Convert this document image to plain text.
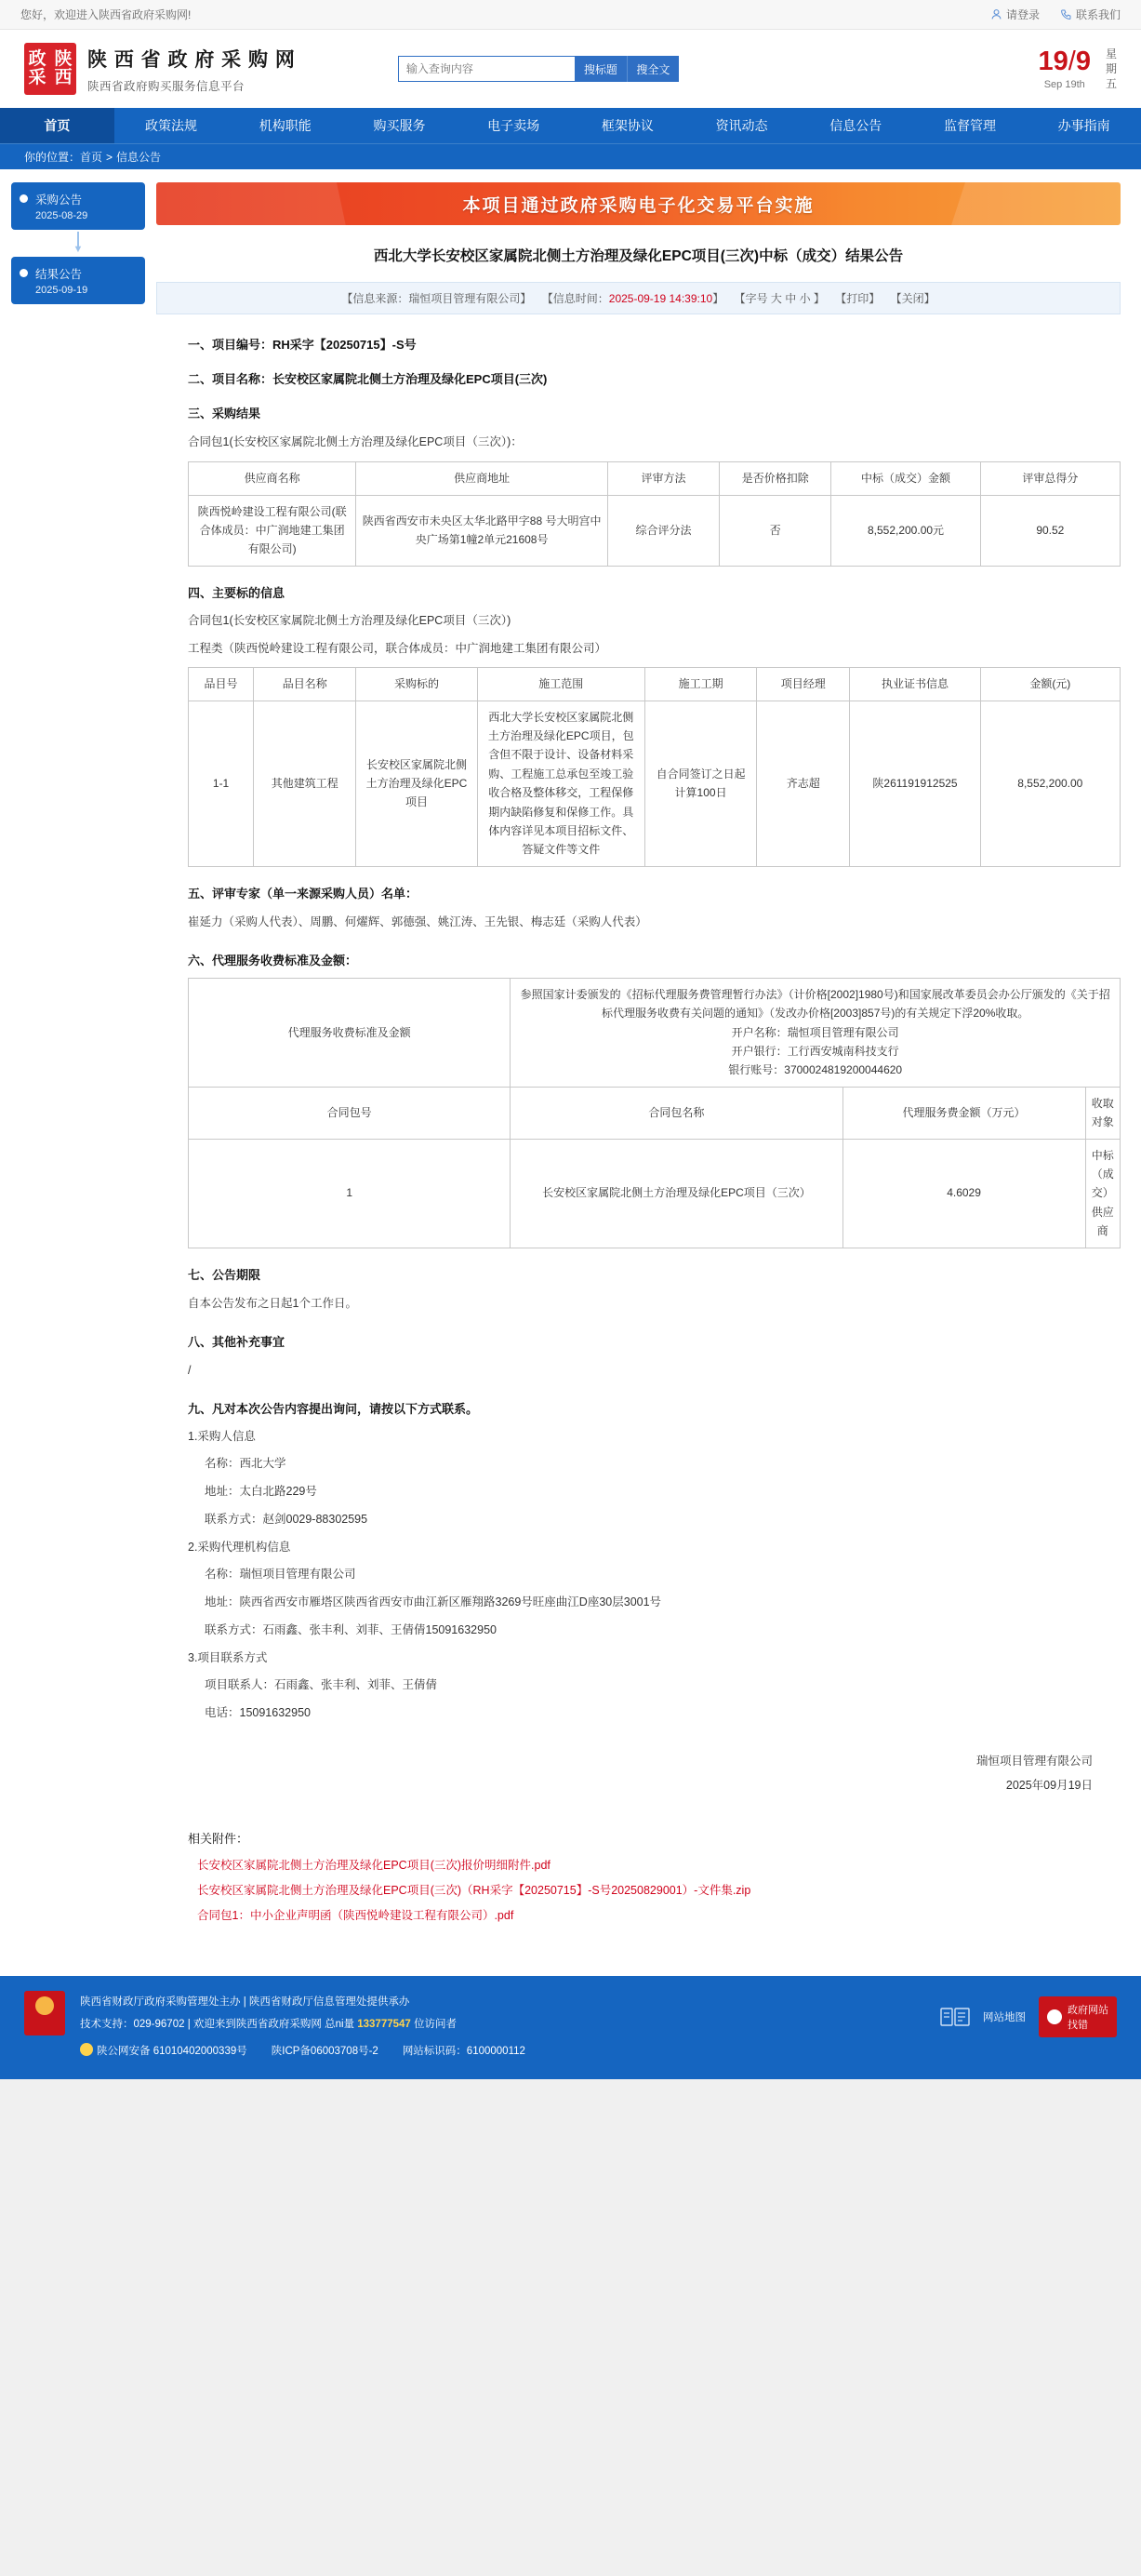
您好，欢迎进入陕西省政府采购网!	请登录	联系我们
政 陕
采 西
陕 西 省 政 府 采 购 网
陕西省政府购买服务信息平台
输入查询内容
搜标题	搜全文	19/9
Sep 19th
星
期
五
首页	政策法规	机构职能	购买服务	电子卖场	框架协议	资讯动态	信息公告	监督管理	办事指南
你的位置： 首页 > 信息公告
采购公告
2025-08-29
▼
结果公告
2025-09-19
本项目通过政府采购电子化交易平台实施
西北大学长安校区家属院北侧土方治理及绿化EPC项目(三次)中标（成交）结果公告
【信息来源：瑞恒项目管理有限公司】 【信息时间：2025-09-19 14:39:10】 【字号 大 中 小 】 【打印】 【关闭】
一、项目编号：RH采字【20250715】-S号
二、项目名称：长安校区家属院北侧土方治理及绿化EPC项目(三次)
三、采购结果
合同包1(长安校区家属院北侧土方治理及绿化EPC项目（三次）)：
供应商名称	供应商地址	评审方法	是否价格扣除	中标（成交）金额	评审总得分
陕西悦岭建设工程有限公司(联合体成员：中广润地建工集团有限公司)	陕西省西安市未央区太华北路甲字88 号大明宫中央广场第1幢2单元21608号	综合评分法	否	8,552,200.00元	90.52
四、主要标的信息
合同包1(长安校区家属院北侧土方治理及绿化EPC项目（三次）)
工程类（陕西悦岭建设工程有限公司，联合体成员：中广润地建工集团有限公司）
品目号	品目名称	采购标的	施工范围	施工工期	项目经理	执业证书信息	金额(元)
1-1	其他建筑工程	长安校区家属院北侧土方治理及绿化EPC项目	西北大学长安校区家属院北侧土方治理及绿化EPC项目，包含但不限于设计、设备材料采购、工程施工总承包至竣工验收合格及整体移交，工程保修期内缺陷修复和保修工作。具体内容详见本项目招标文件、答疑文件等文件	自合同签订之日起计算100日	齐志超	陕261191912525	8,552,200.00
五、评审专家（单一来源采购人员）名单：
崔延力（采购人代表）、周鹏、何燿辉、郭德强、姚江涛、王先银、梅志廷（采购人代表）
六、代理服务收费标准及金额：
代理服务收费标准及金额	参照国家计委颁发的《招标代理服务费管理暂行办法》（计价格[2002]1980号)和国家展改革委员会办公厅颁发的《关于招标代理服务收费有关问题的通知》（发改办价格[2003]857号)的有关规定下浮20%收取。
开户名称：瑞恒项目管理有限公司
开户银行：工行西安城南科技支行
银行账号：3700024819200044620		

合同包号	合同包名称	代理服务费金额（万元）	收取对象
1	长安校区家属院北侧土方治理及绿化EPC项目（三次）	4.6029	中标（成交）供应商
七、公告期限
自本公告发布之日起1个工作日。
八、其他补充事宜
/
九、凡对本次公告内容提出询问，请按以下方式联系。
1.采购人信息
名称：西北大学
地址：太白北路229号
联系方式：赵剑0029-88302595
2.采购代理机构信息
名称：瑞恒项目管理有限公司
地址：陕西省西安市雁塔区陕西省西安市曲江新区雁翔路3269号旺座曲江D座30层3001号
联系方式：石雨鑫、张丰利、刘菲、王倩倩15091632950
3.项目联系方式
项目联系人：石雨鑫、张丰利、刘菲、王倩倩
电话：15091632950
瑞恒项目管理有限公司
2025年09月19日
相关附件：
长安校区家属院北侧土方治理及绿化EPC项目(三次)报价明细附件.pdf
长安校区家属院北侧土方治理及绿化EPC项目(三次)（RH采字【20250715】-S号20250829001）-文件集.zip
合同包1：中小企业声明函（陕西悦岭建设工程有限公司）.pdf
陕西省财政厅政府采购管理处主办 | 陕西省财政厅信息管理处提供承办
技术支持：029-96702 | 欢迎来到陕西省政府采购网 总ni量 133777547 位访问者
陕公网安备 61010402000339号 陕ICP备06003708号-2 网站标识码：6100000112
网站地图
政府网站
找错
